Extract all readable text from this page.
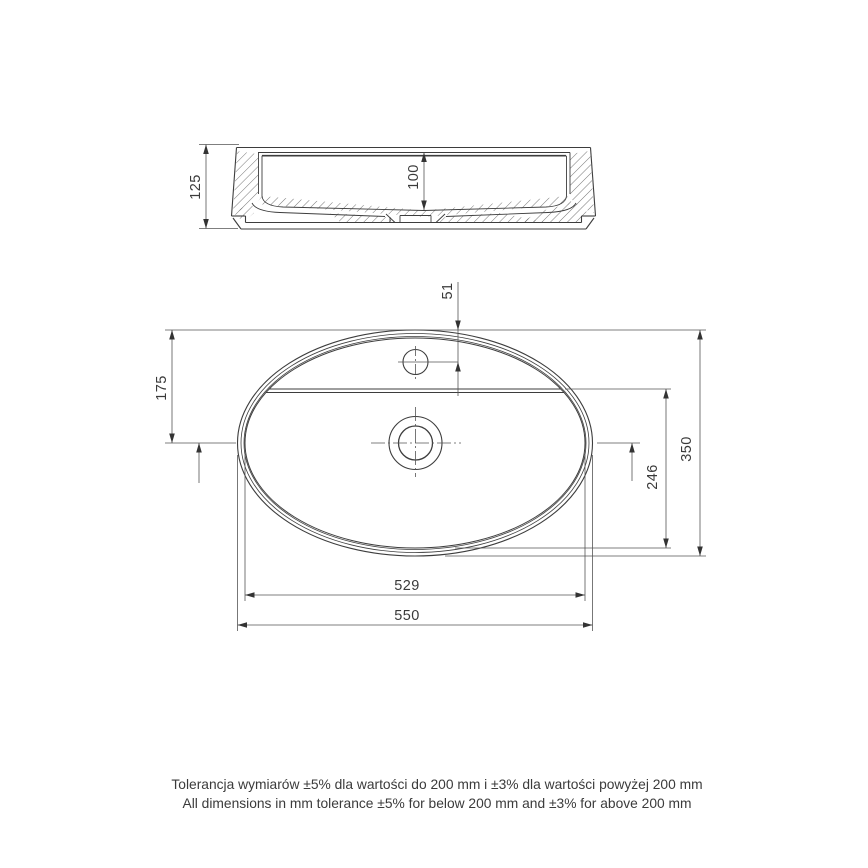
125	100
175
51
246
350
529
550
Tolerancja wymiarów ±5% dla wartości do 200 mm i ±3% dla wartości powyżej 200 mm
All dimensions in mm tolerance ±5% for below 200 mm and ±3% for above 200 mm
